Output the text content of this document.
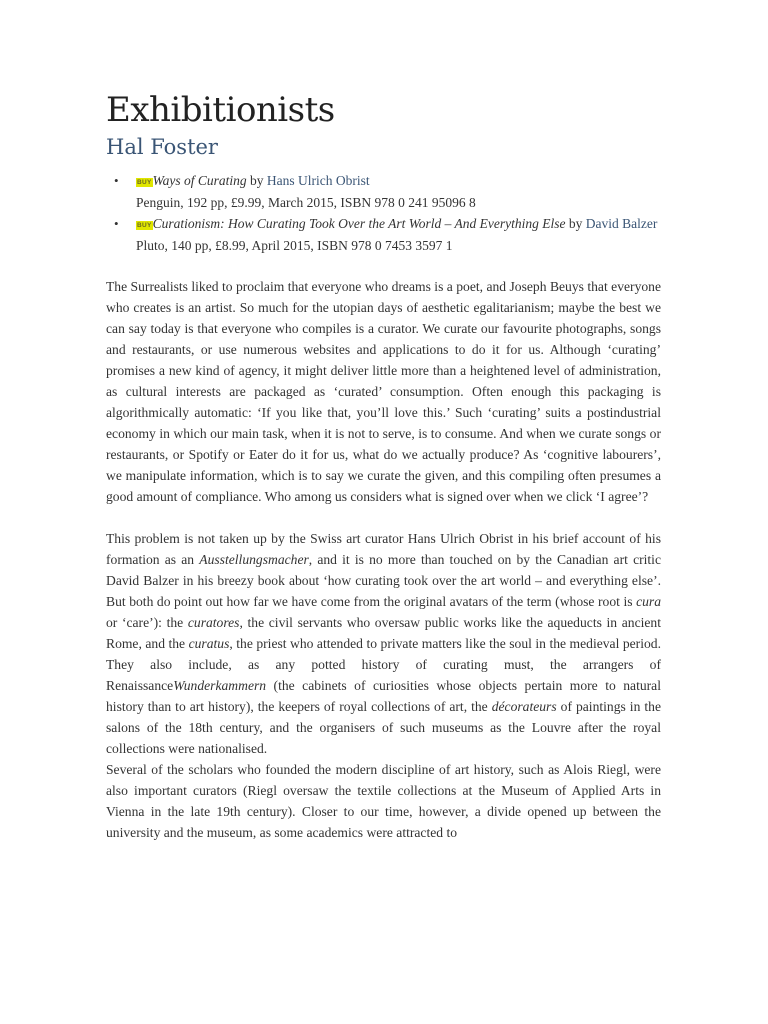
Exhibitionists
Hal Foster
•	BUYWays of Curating by Hans Ulrich Obrist
Penguin, 192 pp, £9.99, March 2015, ISBN 978 0 241 95096 8
•	BUYCurationism: How Curating Took Over the Art World – And Everything Else by David Balzer
Pluto, 140 pp, £8.99, April 2015, ISBN 978 0 7453 3597 1

The Surrealists liked to proclaim that everyone who dreams is a poet, and Joseph Beuys that everyone who creates is an artist. So much for the utopian days of aesthetic egalitarianism; maybe the best we can say today is that everyone who compiles is a curator. We curate our favourite photographs, songs and restaurants, or use numerous websites and applications to do it for us. Although ‘curating’ promises a new kind of agency, it might deliver little more than a heightened level of administration, as cultural interests are packaged as ‘curated’ consumption. Often enough this packaging is algorithmically automatic: ‘If you like that, you’ll love this.’ Such ‘curating’ suits a postindustrial economy in which our main task, when it is not to serve, is to consume. And when we curate songs or restaurants, or Spotify or Eater do it for us, what do we actually produce? As ‘cognitive labourers’, we manipulate information, which is to say we curate the given, and this compiling often presumes a good amount of compliance. Who among us considers what is signed over when we click ‘I agree’?

This problem is not taken up by the Swiss art curator Hans Ulrich Obrist in his brief account of his formation as an Ausstellungsmacher, and it is no more than touched on by the Canadian art critic David Balzer in his breezy book about ‘how curating took over the art world – and everything else’. But both do point out how far we have come from the original avatars of the term (whose root is cura or ‘care’): the curatores, the civil servants who oversaw public works like the aqueducts in ancient Rome, and the curatus, the priest who attended to private matters like the soul in the medieval period. They also include, as any potted history of curating must, the arrangers of RenaissanceWunderkammern (the cabinets of curiosities whose objects pertain more to natural history than to art history), the keepers of royal collections of art, the décorateurs of paintings in the salons of the 18th century, and the organisers of such museums as the Louvre after the royal collections were nationalised.

Several of the scholars who founded the modern discipline of art history, such as Alois Riegl, were also important curators (Riegl oversaw the textile collections at the Museum of Applied Arts in Vienna in the late 19th century). Closer to our time, however, a divide opened up between the university and the museum, as some academics were attracted to
